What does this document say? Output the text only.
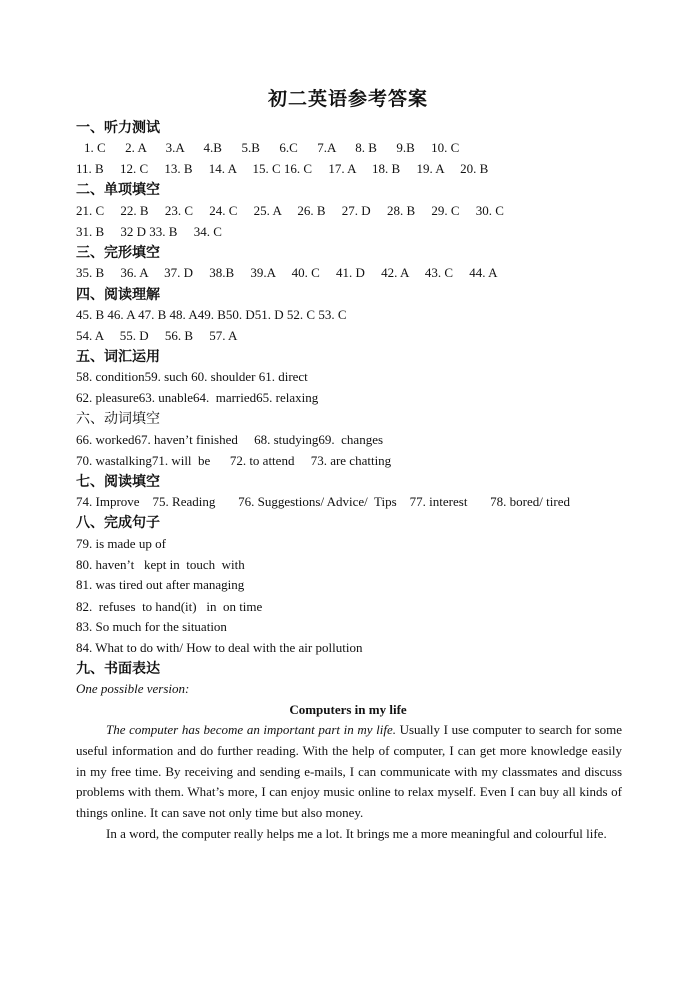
初二英语参考答案
一、听力测试
1. C      2. A      3.A      4.B      5.B      6.C      7.A      8. B      9.B     10. C
11. B     12. C     13. B     14. A     15. C 16. C     17. A     18. B     19. A     20. B
二、单项填空
21. C     22. B     23. C     24. C     25. A     26. B     27. D     28. B     29. C     30. C
31. B     32 D 33. B     34. C
三、完形填空
35. B     36. A     37. D     38.B     39.A     40. C     41. D     42. A     43. C     44. A
四、阅读理解
45. B 46. A 47. B 48. A49. B50. D51. D 52. C 53. C
54. A     55. D     56. B     57. A
五、词汇运用
58. condition59. such 60. shoulder 61. direct
62. pleasure63. unable64.  married65. relaxing
六、动词填空
66. worked67. haven’t finished     68. studying69.  changes
70. wastalking71. will  be      72. to attend     73. are chatting
七、阅读填空
74. Improve    75. Reading       76. Suggestions/ Advice/  Tips    77. interest       78. bored/ tired
八、完成句子
79. is made up of
80. haven’t   kept in  touch  with
81. was tired out after managing
82.  refuses  to hand(it)   in  on time
83. So much for the situation
84. What to do with/ How to deal with the air pollution
九、书面表达
One possible version:
Computers in my life

The computer has become an important part in my life. Usually I use computer to search for some useful information and do further reading. With the help of computer, I can get more knowledge easily in my free time. By receiving and sending e-mails, I can communicate with my classmates and discuss problems with them. What’s more, I can enjoy music online to relax myself. Even I can buy all kinds of things online. It can save not only time but also money.

In a word, the computer really helps me a lot. It brings me a more meaningful and colourful life.
